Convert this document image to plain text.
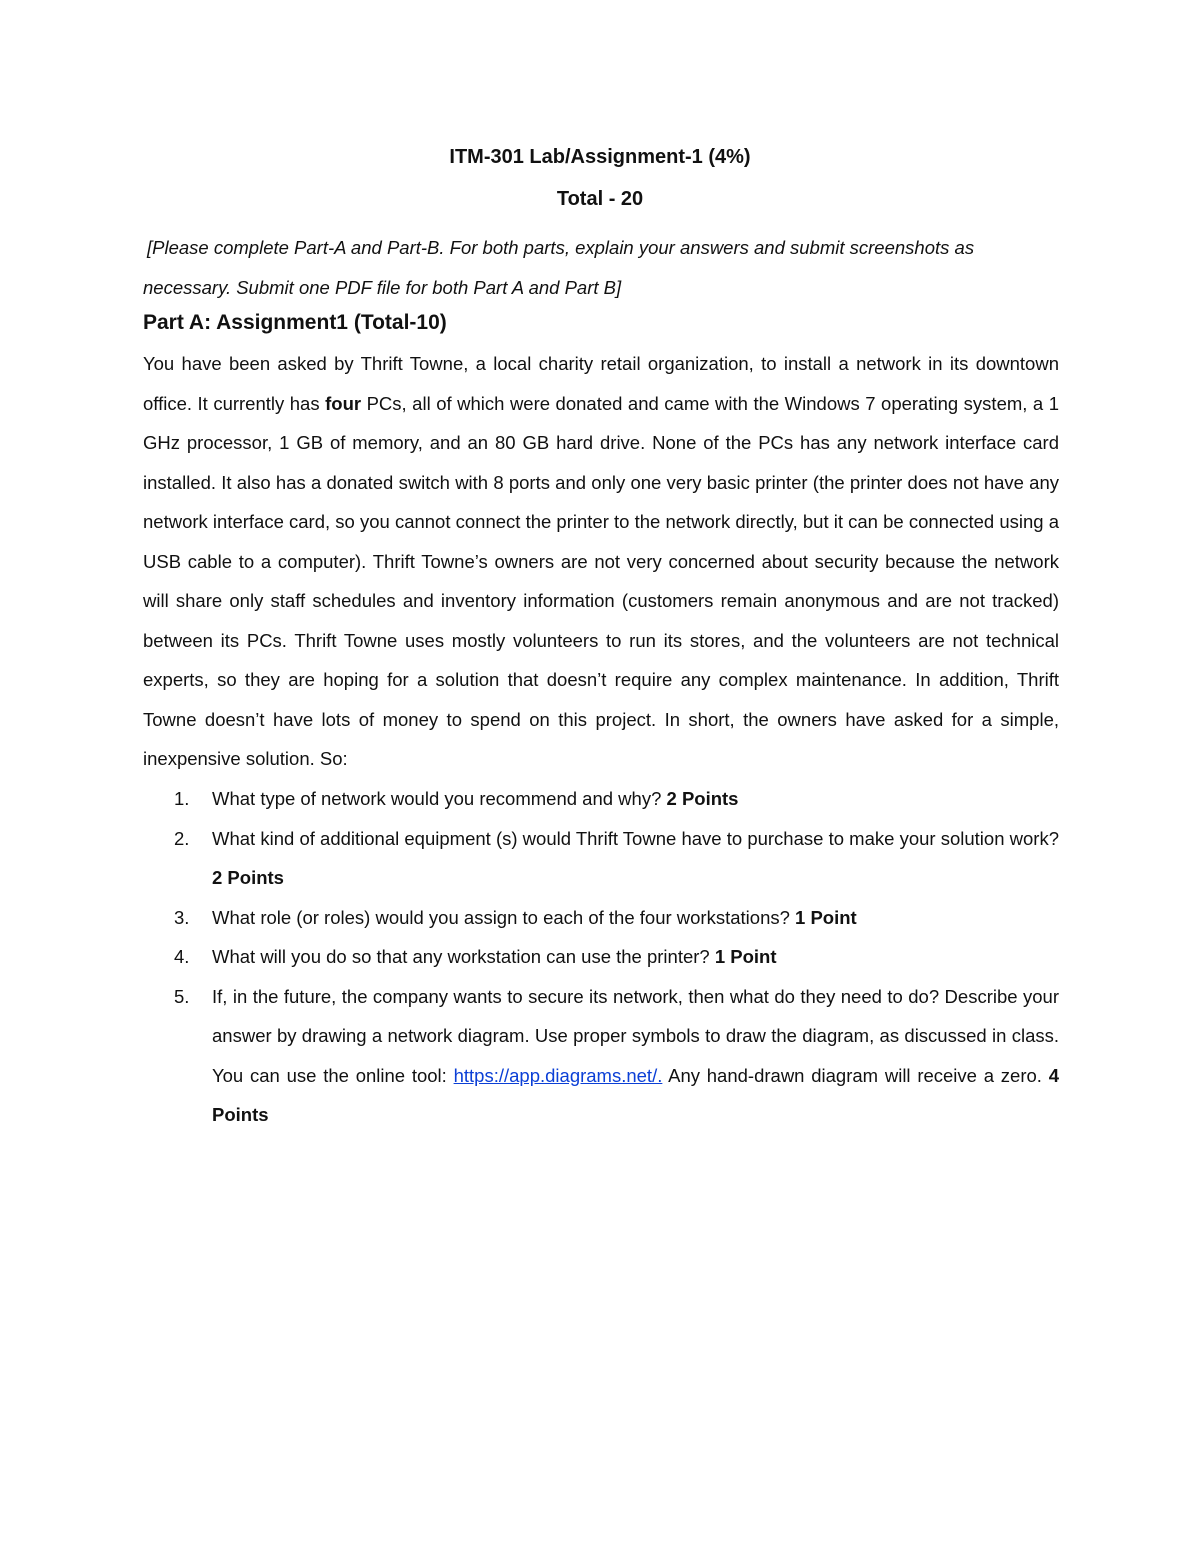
ITM-301 Lab/Assignment-1 (4%)

Total - 20

[Please complete Part-A and Part-B. For both parts, explain your answers and submit screenshots as necessary. Submit one PDF file for both Part A and Part B]

Part A: Assignment1 (Total-10)

You have been asked by Thrift Towne, a local charity retail organization, to install a network in its downtown office. It currently has four PCs, all of which were donated and came with the Windows 7 operating system, a 1 GHz processor, 1 GB of memory, and an 80 GB hard drive. None of the PCs has any network interface card installed. It also has a donated switch with 8 ports and only one very basic printer (the printer does not have any network interface card, so you cannot connect the printer to the network directly, but it can be connected using a USB cable to a computer). Thrift Towne’s owners are not very concerned about security because the network will share only staff schedules and inventory information (customers remain anonymous and are not tracked) between its PCs. Thrift Towne uses mostly volunteers to run its stores, and the volunteers are not technical experts, so they are hoping for a solution that doesn’t require any complex maintenance. In addition, Thrift Towne doesn’t have lots of money to spend on this project. In short, the owners have asked for a simple, inexpensive solution. So:

1.	What type of network would you recommend and why? 2 Points
2.	What kind of additional equipment (s) would Thrift Towne have to purchase to make your solution work? 2 Points
3.	What role (or roles) would you assign to each of the four workstations? 1 Point
4.	What will you do so that any workstation can use the printer? 1 Point
5.	If, in the future, the company wants to secure its network, then what do they need to do? Describe your answer by drawing a network diagram. Use proper symbols to draw the diagram, as discussed in class. You can use the online tool: https://app.diagrams.net/. Any hand-drawn diagram will receive a zero. 4 Points
